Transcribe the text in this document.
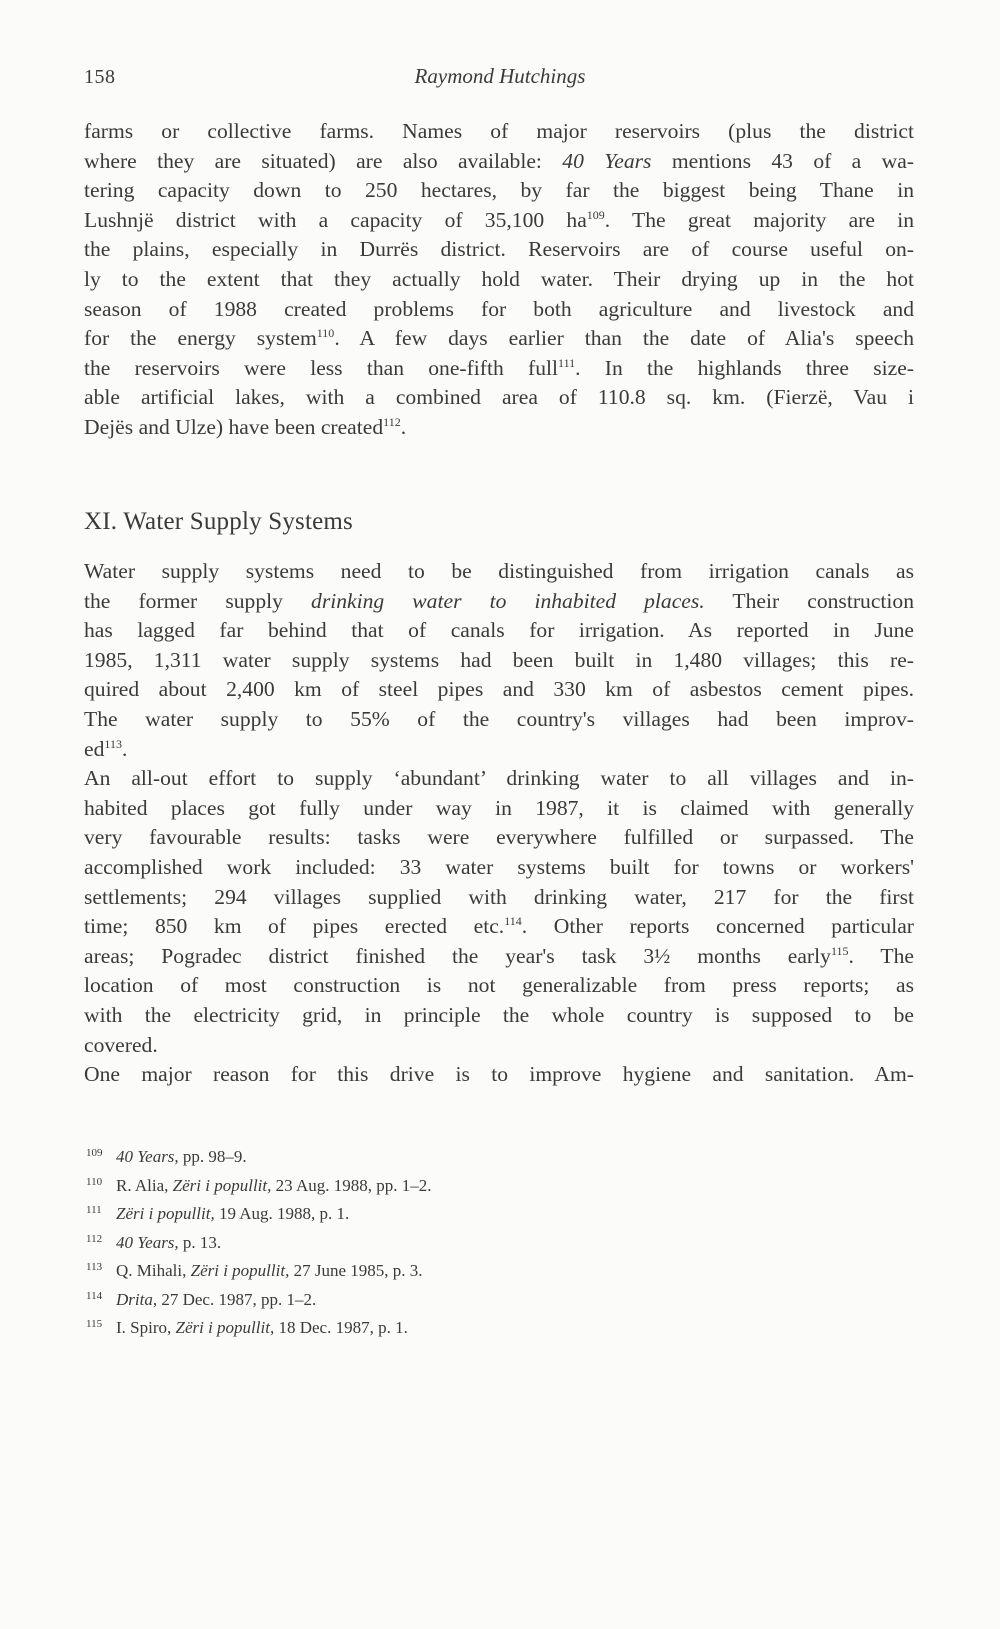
158	Raymond Hutchings
farms or collective farms. Names of major reservoirs (plus the district
where they are situated) are also available: 40 Years mentions 43 of a wa-
tering capacity down to 250 hectares, by far the biggest being Thane in
Lushnjë district with a capacity of 35,100 $ha^{109}$. The great majority are in
the plains, especially in Durrës district. Reservoirs are of course useful on-
ly to the extent that they actually hold water. Their drying up in the hot
season of 1988 created problems for both agriculture and livestock and
for the energy system$^{110}$. A few days earlier than the date of Alia's speech
the reservoirs were less than one-fifth full$^{111}$. In the highlands three size-
able artificial lakes, with a combined area of 110.8 sq. km. (Fierzë, Vau i
Dejës and Ulze) have been created$^{112}$.
XI. Water Supply Systems
Water supply systems need to be distinguished from irrigation canals as
the former supply drinking water to inhabited places. Their construction
has lagged far behind that of canals for irrigation. As reported in June
1985, 1,311 water supply systems had been built in 1,480 villages; this re-
quired about 2,400 km of steel pipes and 330 km of asbestos cement pipes.
The water supply to 55% of the country's villages had been improv-
$ed^{113}$.
An all-out effort to supply ‘abundant’ drinking water to all villages and in-
habited places got fully under way in 1987, it is claimed with generally
very favourable results: tasks were everywhere fulfilled or surpassed. The
accomplished work included: 33 water systems built for towns or workers'
settlements; 294 villages supplied with drinking water, 217 for the first
time; 850 km of pipes erected etc.$^{114}$. Other reports concerned particular
areas; Pogradec district finished the year's task 3½ months early$^{115}$. The
location of most construction is not generalizable from press reports; as
with the electricity grid, in principle the whole country is supposed to be
covered.
One major reason for this drive is to improve hygiene and sanitation. Am-
109 40 Years, pp. 98–9.
110 R. Alia, Zëri i popullit, 23 Aug. 1988, pp. 1–2.
111 Zëri i popullit, 19 Aug. 1988, p. 1.
112 40 Years, p. 13.
113 Q. Mihali, Zëri i popullit, 27 June 1985, p. 3.
114 Drita, 27 Dec. 1987, pp. 1–2.
115 I. Spiro, Zëri i popullit, 18 Dec. 1987, p. 1.
